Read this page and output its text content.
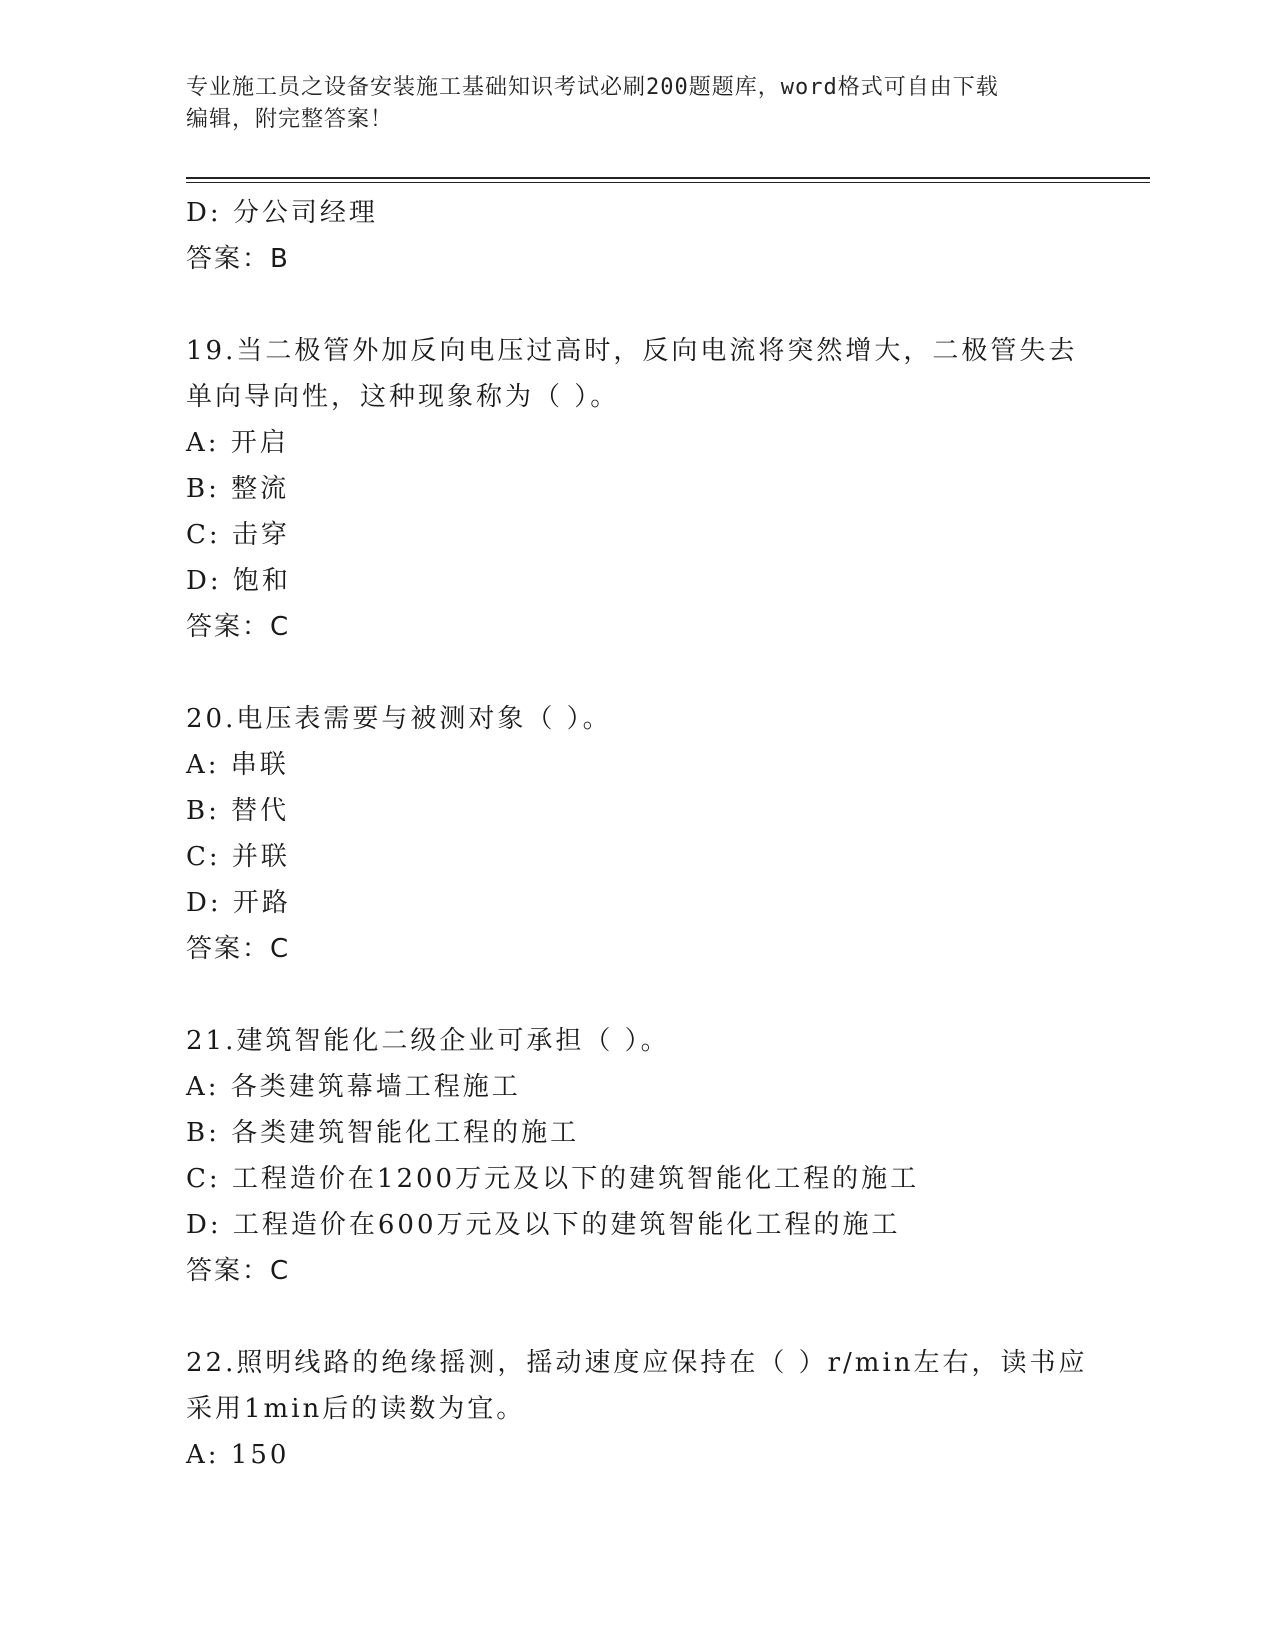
专业施工员之设备安装施工基础知识考试必刷200题题库，word格式可自由下载
编辑，附完整答案！
D: 分公司经理
答案：B
19.当二极管外加反向电压过高时，反向电流将突然增大，二极管失去
单向导向性，这种现象称为（ ）。
A: 开启
B: 整流
C: 击穿
D: 饱和
答案：C
20.电压表需要与被测对象（ ）。
A: 串联
B: 替代
C: 并联
D: 开路
答案：C
21.建筑智能化二级企业可承担（ ）。
A: 各类建筑幕墙工程施工
B: 各类建筑智能化工程的施工
C: 工程造价在1200万元及以下的建筑智能化工程的施工
D: 工程造价在600万元及以下的建筑智能化工程的施工
答案：C
22.照明线路的绝缘摇测，摇动速度应保持在（ ）r/min左右，读书应
采用1min后的读数为宜。
A: 150
